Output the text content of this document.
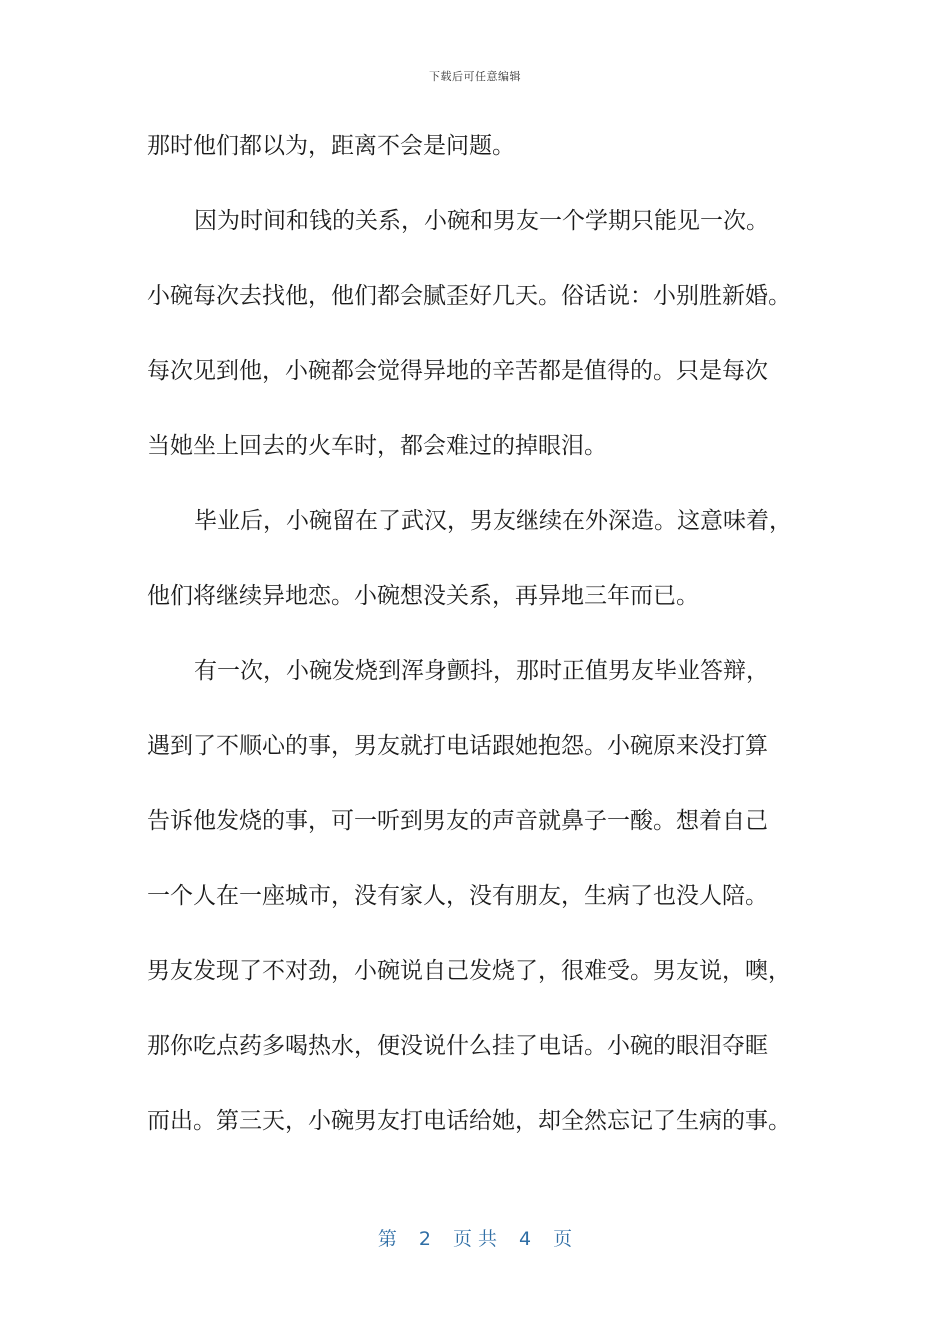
下载后可任意编辑
那时他们都以为，距离不会是问题。
因为时间和钱的关系，小碗和男友一个学期只能见一次。
小碗每次去找他，他们都会腻歪好几天。俗话说：小别胜新婚。
每次见到他，小碗都会觉得异地的辛苦都是值得的。只是每次
当她坐上回去的火车时，都会难过的掉眼泪。
毕业后，小碗留在了武汉，男友继续在外深造。这意味着，
他们将继续异地恋。小碗想没关系，再异地三年而已。
有一次，小碗发烧到浑身颤抖，那时正值男友毕业答辩，
遇到了不顺心的事，男友就打电话跟她抱怨。小碗原来没打算
告诉他发烧的事，可一听到男友的声音就鼻子一酸。想着自己
一个人在一座城市，没有家人，没有朋友，生病了也没人陪。
男友发现了不对劲，小碗说自己发烧了，很难受。男友说，噢，
那你吃点药多喝热水，便没说什么挂了电话。小碗的眼泪夺眶
而出。第三天，小碗男友打电话给她，却全然忘记了生病的事。
第 2 页 共 4 页
